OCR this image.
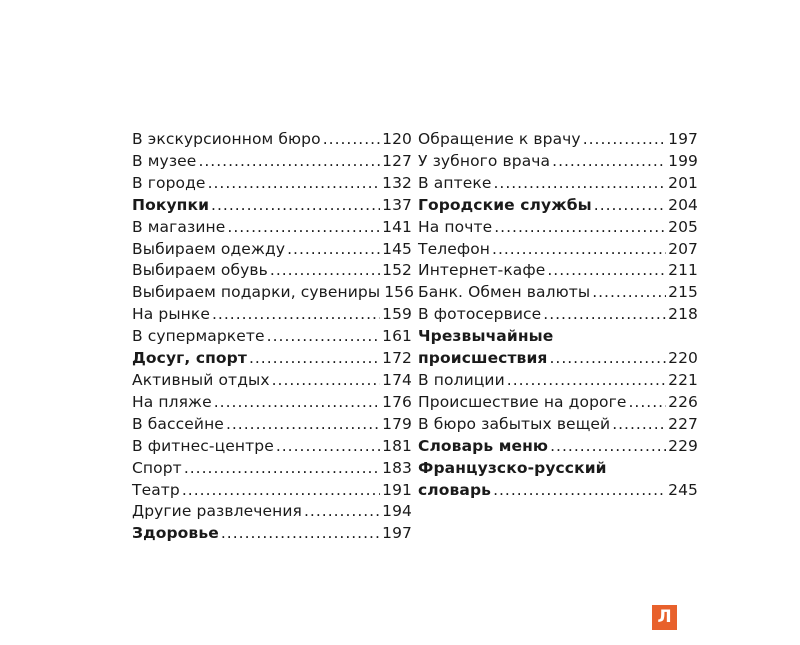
В экскурсионном бюро .....	120
В музее .....	127
В городе .....	132
Покупки .....	137
В магазине .....	141
Выбираем одежду .....	145
Выбираем обувь .....	152
Выбираем подарки, сувениры 156
На рынке .....	159
В супермаркете .....	161
Досуг, спорт .....	172
Активный отдых .....	174
На пляже .....	176
В бассейне .....	179
В фитнес-центре .....	181
Спорт .....	183
Театр .....	191
Другие развлечения .....	194
Здоровье .....	197
Обращение к врачу .....	197
У зубного врача .....	199
В аптеке .....	201
Городские службы .....	204
На почте .....	205
Телефон .....	207
Интернет-кафе .....	211
Банк. Обмен валюты .....	215
В фотосервисе .....	218
Чрезвычайные
происшествия .....	220
В полиции .....	221
Происшествие на дороге .....	226
В бюро забытых вещей .....	227
Словарь меню .....	229
Французско-русский
словарь .....	245
Л
